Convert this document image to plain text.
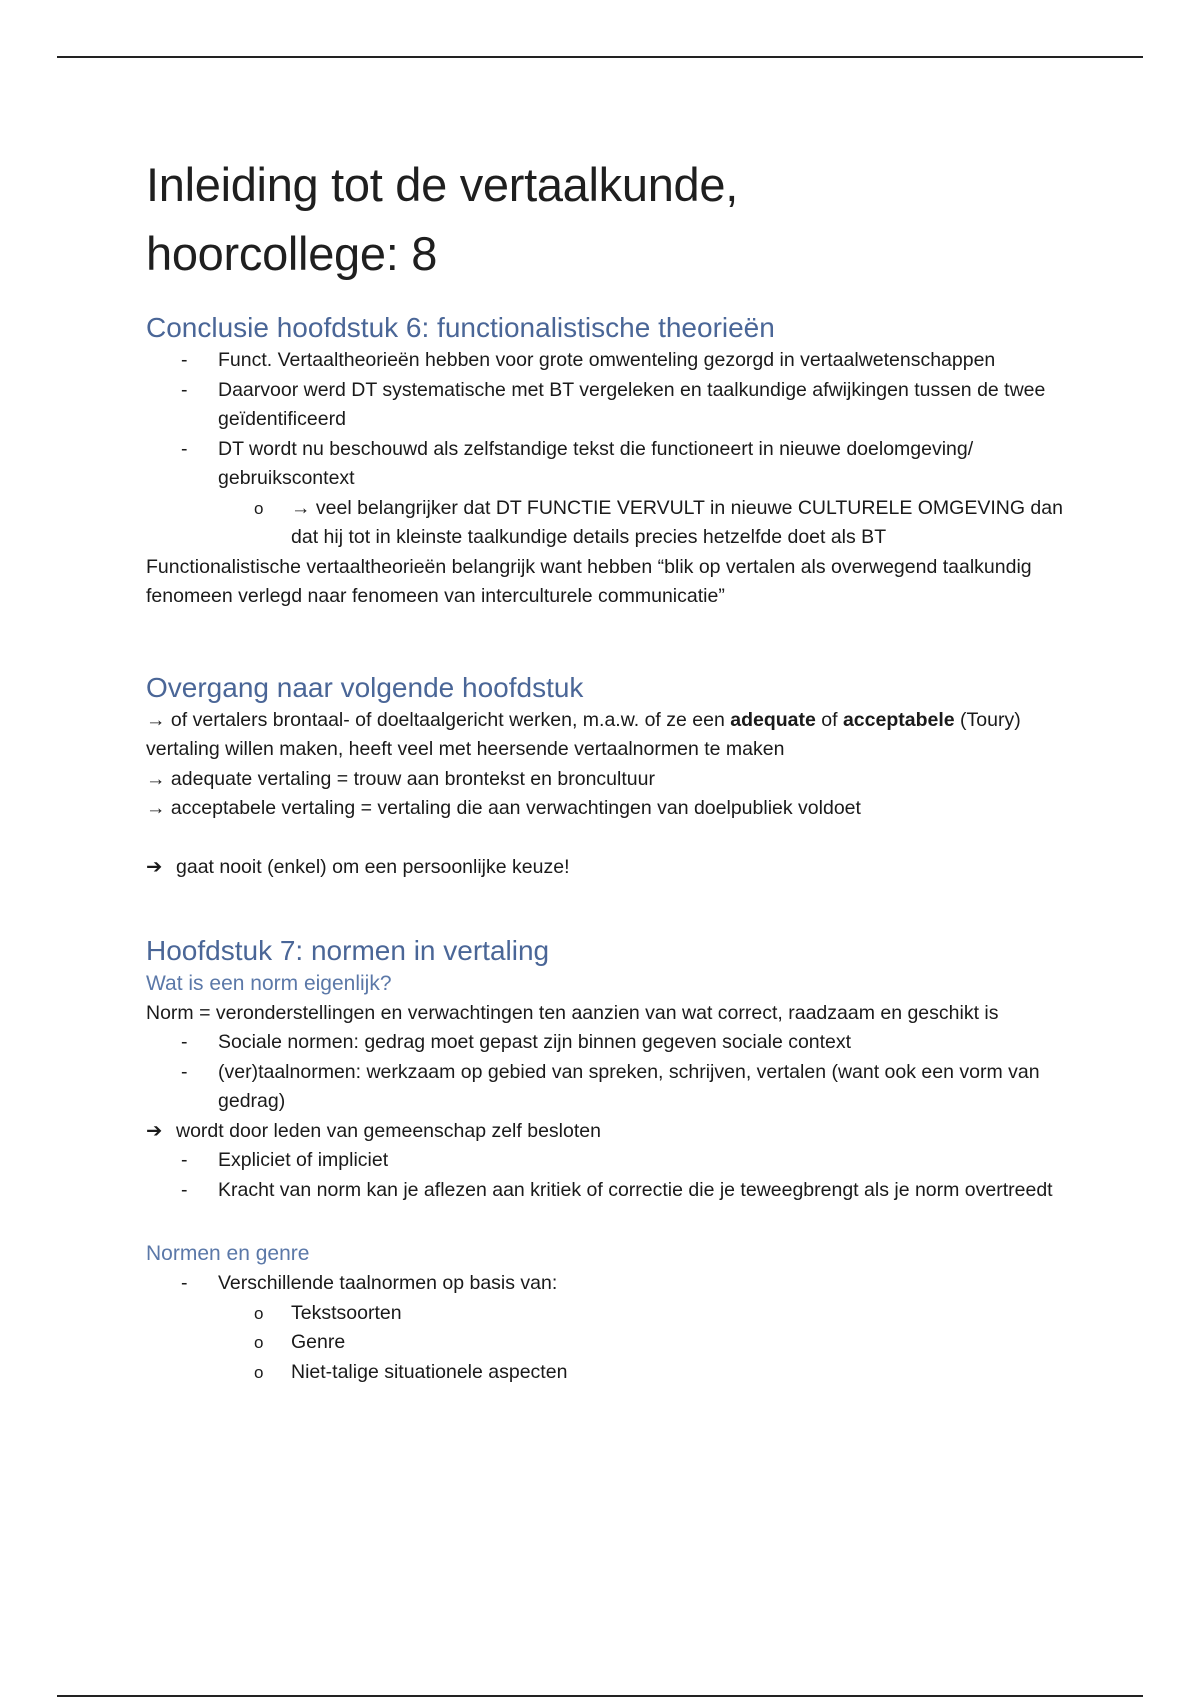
Inleiding tot de vertaalkunde,
hoorcollege: 8
Conclusie hoofdstuk 6: functionalistische theorieën
- Funct. Vertaaltheorieën hebben voor grote omwenteling gezorgd in vertaalwetenschappen
- Daarvoor werd DT systematische met BT vergeleken en taalkundige afwijkingen tussen de twee geïdentificeerd
- DT wordt nu beschouwd als zelfstandige tekst die functioneert in nieuwe doelomgeving/ gebruikscontext
o → veel belangrijker dat DT FUNCTIE VERVULT in nieuwe CULTURELE OMGEVING dan dat hij tot in kleinste taalkundige details precies hetzelfde doet als BT

Functionalistische vertaaltheorieën belangrijk want hebben “blik op vertalen als overwegend taalkundig fenomeen verlegd naar fenomeen van interculturele communicatie”

Overgang naar volgende hoofdstuk

→ of vertalers brontaal- of doeltaalgericht werken, m.a.w. of ze een adequate of acceptabele (Toury) vertaling willen maken, heeft veel met heersende vertaalnormen te maken

→ adequate vertaling = trouw aan brontekst en broncultuur

→ acceptabele vertaling = vertaling die aan verwachtingen van doelpubliek voldoet

➔ gaat nooit (enkel) om een persoonlijke keuze!
Hoofdstuk 7: normen in vertaling
Wat is een norm eigenlijk?

Norm = veronderstellingen en verwachtingen ten aanzien van wat correct, raadzaam en geschikt is

- Sociale normen: gedrag moet gepast zijn binnen gegeven sociale context
- (ver)taalnormen: werkzaam op gebied van spreken, schrijven, vertalen (want ook een vorm van gedrag)
➔ wordt door leden van gemeenschap zelf besloten
- Expliciet of impliciet
- Kracht van norm kan je aflezen aan kritiek of correctie die je teweegbrengt als je norm overtreedt
Normen en genre
- Verschillende taalnormen op basis van:
o Tekstsoorten
o Genre
o Niet-talige situationele aspecten
